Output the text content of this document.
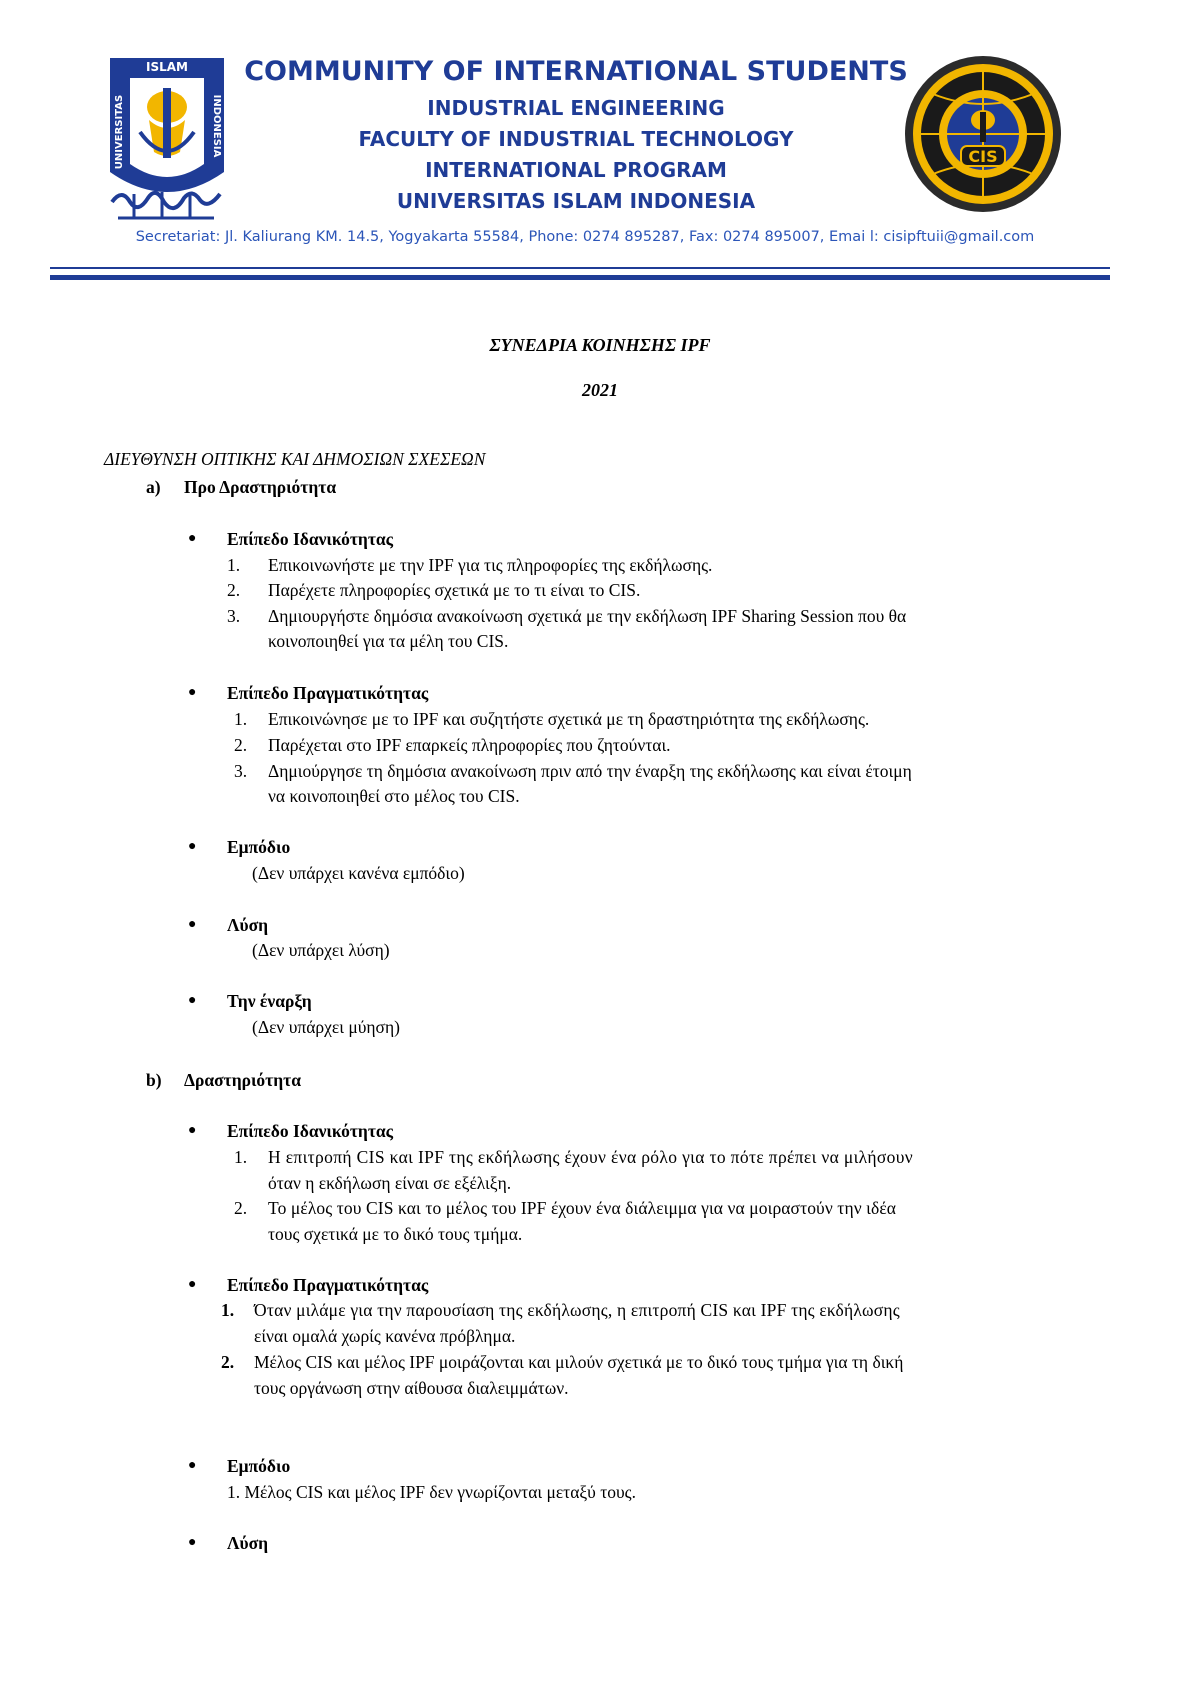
ISLAM
UNIVERSITAS	INDONESIA
COMMUNITY OF INTERNATIONAL STUDENTS
INDUSTRIAL ENGINEERING
FACULTY OF INDUSTRIAL TECHNOLOGY
INTERNATIONAL PROGRAM
UNIVERSITAS ISLAM INDONESIA
CIS
Secretariat: Jl. Kaliurang KM. 14.5, Yogyakarta 55584, Phone: 0274 895287, Fax: 0274 895007, Emai l: cisipftuii@gmail.com
ΣΥΝΕΔΡΙΑ ΚΟΙΝΗΣΗΣ IPF
2021
ΔΙΕΥΘΥΝΣΗ ΟΠΤΙΚΗΣ ΚΑΙ ΔΗΜΟΣΙΩΝ ΣΧΕΣΕΩΝ
a) Προ Δραστηριότητα
● Επίπεδο Ιδανικότητας
1. Επικοινωνήστε με την IPF για τις πληροφορίες της εκδήλωσης.
2. Παρέχετε πληροφορίες σχετικά με το τι είναι το CIS.
3. Δημιουργήστε δημόσια ανακοίνωση σχετικά με την εκδήλωση IPF Sharing Session που θα
κοινοποιηθεί για τα μέλη του CIS.
● Επίπεδο Πραγματικότητας
1. Επικοινώνησε με το IPF και συζητήστε σχετικά με τη δραστηριότητα της εκδήλωσης.
2. Παρέχεται στο IPF επαρκείς πληροφορίες που ζητούνται.
3. Δημιούργησε τη δημόσια ανακοίνωση πριν από την έναρξη της εκδήλωσης και είναι έτοιμη
να κοινοποιηθεί στο μέλος του CIS.
● Εμπόδιο
(Δεν υπάρχει κανένα εμπόδιο)
● Λύση
(Δεν υπάρχει λύση)
● Την έναρξη
(Δεν υπάρχει μύηση)
b) Δραστηριότητα
● Επίπεδο Ιδανικότητας
1. Η επιτροπή CIS και IPF της εκδήλωσης έχουν ένα ρόλο για το πότε πρέπει να μιλήσουν
όταν η εκδήλωση είναι σε εξέλιξη.
2. Το μέλος του CIS και το μέλος του IPF έχουν ένα διάλειμμα για να μοιραστούν την ιδέα
τους σχετικά με το δικό τους τμήμα.
● Επίπεδο Πραγματικότητας
1. Όταν μιλάμε για την παρουσίαση της εκδήλωσης, η επιτροπή CIS και IPF της εκδήλωσης
είναι ομαλά χωρίς κανένα πρόβλημα.
2. Μέλος CIS και μέλος IPF μοιράζονται και μιλούν σχετικά με το δικό τους τμήμα για τη δική
τους οργάνωση στην αίθουσα διαλειμμάτων.
● Εμπόδιο
1. Μέλος CIS και μέλος IPF δεν γνωρίζονται μεταξύ τους.
● Λύση
